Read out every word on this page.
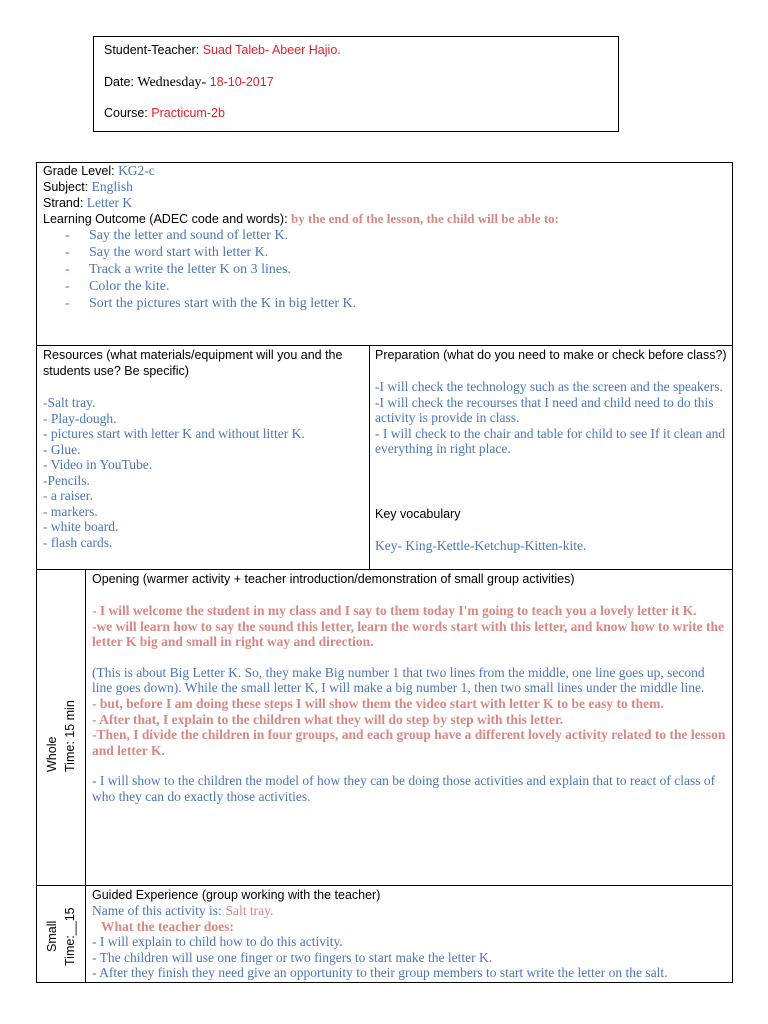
Student-Teacher: Suad Taleb- Abeer Hajio.
Date: Wednesday- 18-10-2017
Course: Practicum-2b
Grade Level: KG2-c
Subject: English
Strand: Letter K
Learning Outcome (ADEC code and words): by the end of the lesson, the child will be able to:
- Say the letter and sound of letter K.
- Say the word start with letter K.
- Track a write the letter K on 3 lines.
- Color the kite.
- Sort the pictures start with the K in big letter K.
Resources (what materials/equipment will you and the students use? Be specific)
-Salt tray.
- Play-dough.
- pictures start with letter K and without litter K.
- Glue.
- Video in YouTube.
-Pencils.
- a raiser.
- markers.
- white board.
- flash cards.
Preparation (what do you need to make or check before class?)
-I will check the technology such as the screen and the speakers.
-I will check the recourses that I need and child need to do this activity is provide in class.
- I will check to the chair and table for child to see If it clean and everything in right place.
Key vocabulary
Key- King-Kettle-Ketchup-Kitten-kite.
Whole Time: 15 min
Opening (warmer activity + teacher introduction/demonstration of small group activities)

- I will welcome the student in my class and I say to them today I'm going to teach you a lovely letter it K.

-we will learn how to say the sound this letter, learn the words start with this letter, and know how to write the letter K big and small in right way and direction.

(This is about Big Letter K. So, they make Big number 1 that two lines from the middle, one line goes up, second line goes down). While the small letter K, I will make a big number 1, then two small lines under the middle line.

- but, before I am doing these steps I will show them the video start with letter K to be easy to them.

- After that, I explain to the children what they will do step by step with this letter.

-Then, I divide the children in four groups, and each group have a different lovely activity related to the lesson and letter K.

- I will show to the children the model of how they can be doing those activities and explain that to react of class of who they can do exactly those activities.

Small Time:__15
Guided Experience (group working with the teacher)
Name of this activity is: Salt tray.
What the teacher does:
- I will explain to child how to do this activity.
- The children will use one finger or two fingers to start make the letter K.
- After they finish they need give an opportunity to their group members to start write the letter on the salt.
